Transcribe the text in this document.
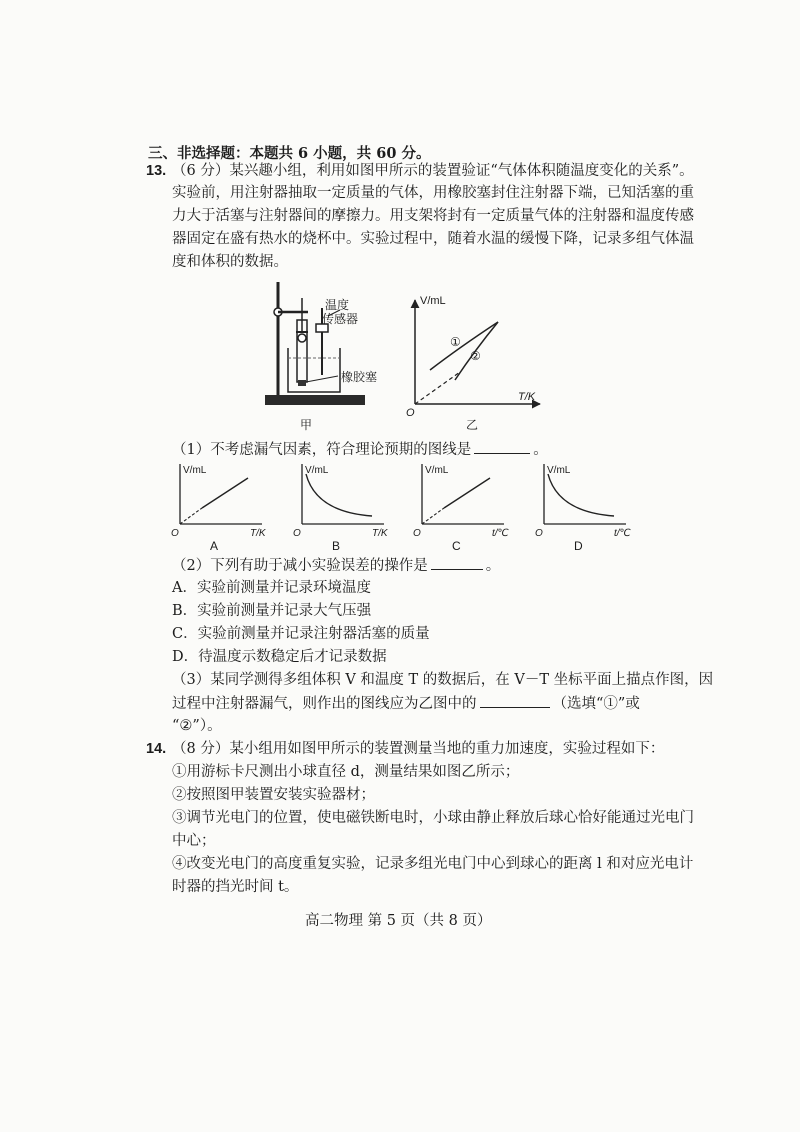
三、非选择题：本题共 6 小题，共 60 分。
13. （6 分）某兴趣小组，利用如图甲所示的装置验证“气体体积随温度变化的关系”。
实验前，用注射器抽取一定质量的气体，用橡胶塞封住注射器下端，已知活塞的重
力大于活塞与注射器间的摩擦力。用支架将封有一定质量气体的注射器和温度传感
器固定在盛有热水的烧杯中。实验过程中，随着水温的缓慢下降，记录多组气体温
度和体积的数据。
温度
传感器
橡胶塞
甲
V/mL
T/K
O
①
②
乙
（1）不考虑漏气因素，符合理论预期的图线是	。
V/mL
T/K
O
A
V/mL
T/K
O
B
V/mL
t/℃
O
C
V/mL
t/℃
O
D
（2）下列有助于减小实验误差的操作是	。
A．实验前测量并记录环境温度
B．实验前测量并记录大气压强
C．实验前测量并记录注射器活塞的质量
D．待温度示数稳定后才记录数据
（3）某同学测得多组体积 V 和温度 T 的数据后，在 V－T 坐标平面上描点作图，因
过程中注射器漏气，则作出的图线应为乙图中的	（选填“①”或
“②”）。
14. （8 分）某小组用如图甲所示的装置测量当地的重力加速度，实验过程如下：
①用游标卡尺测出小球直径 d，测量结果如图乙所示；
②按照图甲装置安装实验器材；
③调节光电门的位置，使电磁铁断电时，小球由静止释放后球心恰好能通过光电门
中心；
④改变光电门的高度重复实验，记录多组光电门中心到球心的距离 l 和对应光电计
时器的挡光时间 t。
高二物理 第 5 页（共 8 页）
